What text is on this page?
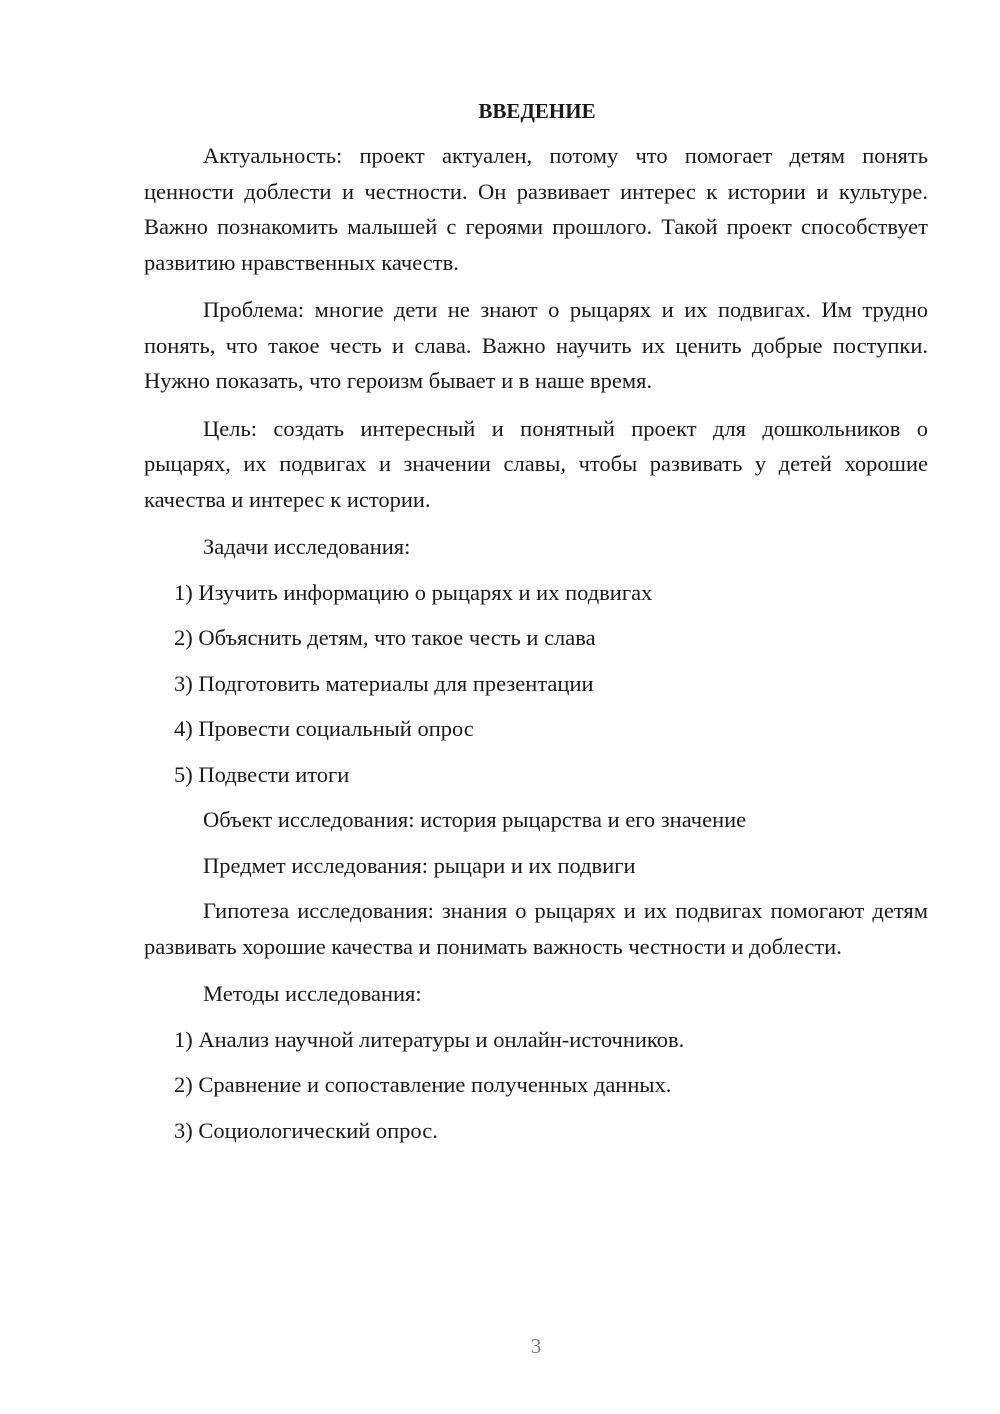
ВВЕДЕНИЕ
Актуальность: проект актуален, потому что помогает детям понять ценности доблести и честности. Он развивает интерес к истории и культуре. Важно познакомить малышей с героями прошлого. Такой проект способствует развитию нравственных качеств.
Проблема: многие дети не знают о рыцарях и их подвигах. Им трудно понять, что такое честь и слава. Важно научить их ценить добрые поступки. Нужно показать, что героизм бывает и в наше время.
Цель: создать интересный и понятный проект для дошкольников о рыцарях, их подвигах и значении славы, чтобы развивать у детей хорошие качества и интерес к истории.
Задачи исследования:
1) Изучить информацию о рыцарях и их подвигах
2) Объяснить детям, что такое честь и слава
3) Подготовить материалы для презентации
4) Провести социальный опрос
5) Подвести итоги
Объект исследования: история рыцарства и его значение
Предмет исследования: рыцари и их подвиги
Гипотеза исследования: знания о рыцарях и их подвигах помогают детям развивать хорошие качества и понимать важность честности и доблести.
Методы исследования:
1) Анализ научной литературы и онлайн-источников.
2) Сравнение и сопоставление полученных данных.
3) Социологический опрос.
3
